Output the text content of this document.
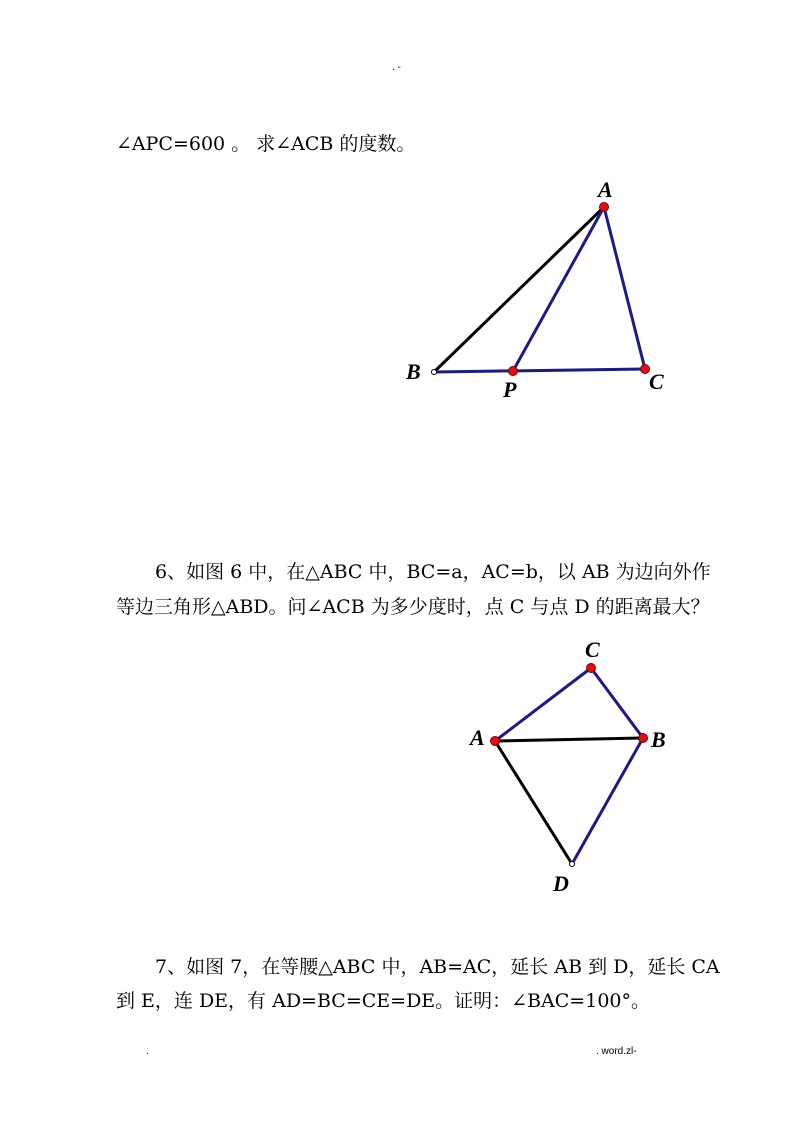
. -
∠APC=600 。 求∠ACB 的度数。
A
B
P	C
6、如图 6 中，在△ABC 中，BC=a，AC=b，以 AB 为边向外作
等边三角形△ABD。问∠ACB 为多少度时，点 C 与点 D 的距离最大？
C
A	B
D
7、如图 7，在等腰△ABC 中，AB=AC，延长 AB 到 D，延长 CA
到 E，连 DE，有 AD=BC=CE=DE。证明：∠BAC=100°。
.	. word.zl-
